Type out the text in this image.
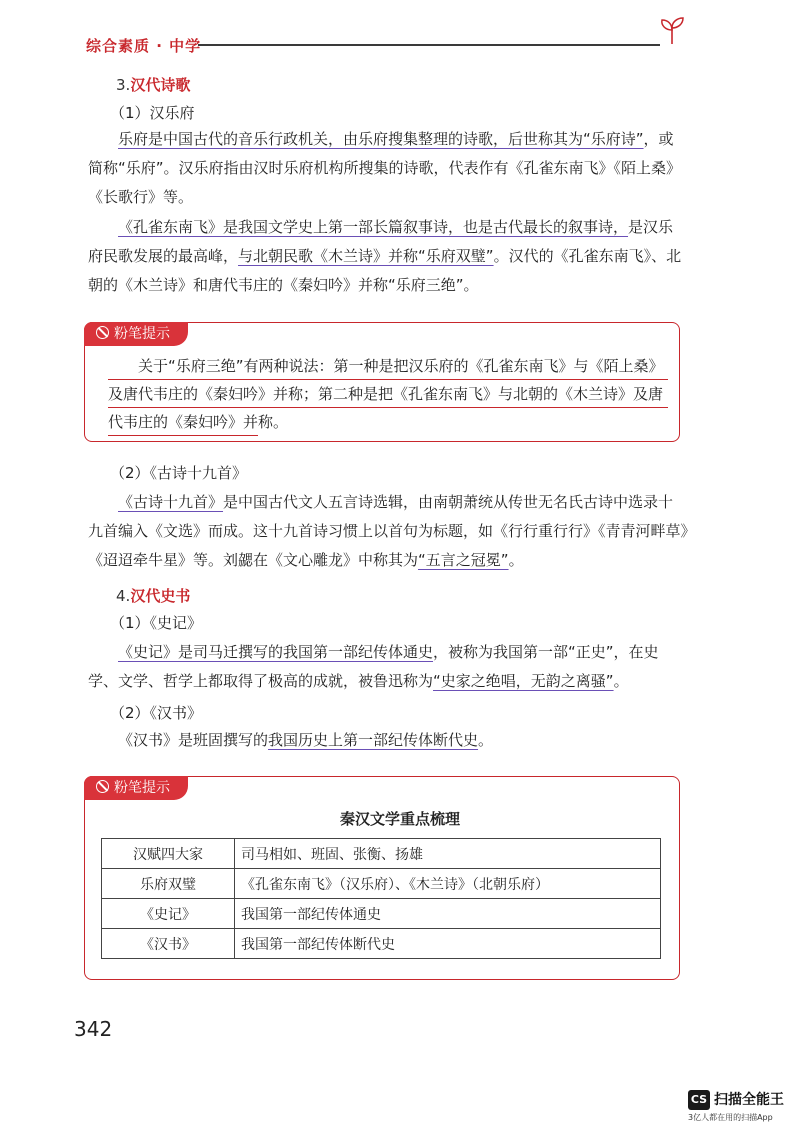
综合素质 · 中学
3.汉代诗歌
（1）汉乐府

乐府是中国古代的音乐行政机关，由乐府搜集整理的诗歌，后世称其为“乐府诗”，或简称“乐府”。汉乐府指由汉时乐府机构所搜集的诗歌，代表作有《孔雀东南飞》《陌上桑》《长歌行》等。

《孔雀东南飞》是我国文学史上第一部长篇叙事诗，也是古代最长的叙事诗，是汉乐府民歌发展的最高峰，与北朝民歌《木兰诗》并称“乐府双璧”。汉代的《孔雀东南飞》、北朝的《木兰诗》和唐代韦庄的《秦妇吟》并称“乐府三绝”。

粉笔提示

关于“乐府三绝”有两种说法：第一种是把汉乐府的《孔雀东南飞》与《陌上桑》及唐代韦庄的《秦妇吟》并称；第二种是把《孔雀东南飞》与北朝的《木兰诗》及唐代韦庄的《秦妇吟》并称。

（2）《古诗十九首》

《古诗十九首》是中国古代文人五言诗选辑，由南朝萧统从传世无名氏古诗中选录十九首编入《文选》而成。这十九首诗习惯上以首句为标题，如《行行重行行》《青青河畔草》《迢迢牵牛星》等。刘勰在《文心雕龙》中称其为“五言之冠冕”。

4.汉代史书
（1）《史记》

《史记》是司马迁撰写的我国第一部纪传体通史，被称为我国第一部“正史”，在史学、文学、哲学上都取得了极高的成就，被鲁迅称为“史家之绝唱，无韵之离骚”。

（2）《汉书》

《汉书》是班固撰写的我国历史上第一部纪传体断代史。

粉笔提示
秦汉文学重点梳理
汉赋四大家	司马相如、班固、张衡、扬雄
乐府双璧	《孔雀东南飞》（汉乐府）、《木兰诗》（北朝乐府）
《史记》	我国第一部纪传体通史
《汉书》	我国第一部纪传体断代史
342
CS 扫描全能王
3亿人都在用的扫描App
